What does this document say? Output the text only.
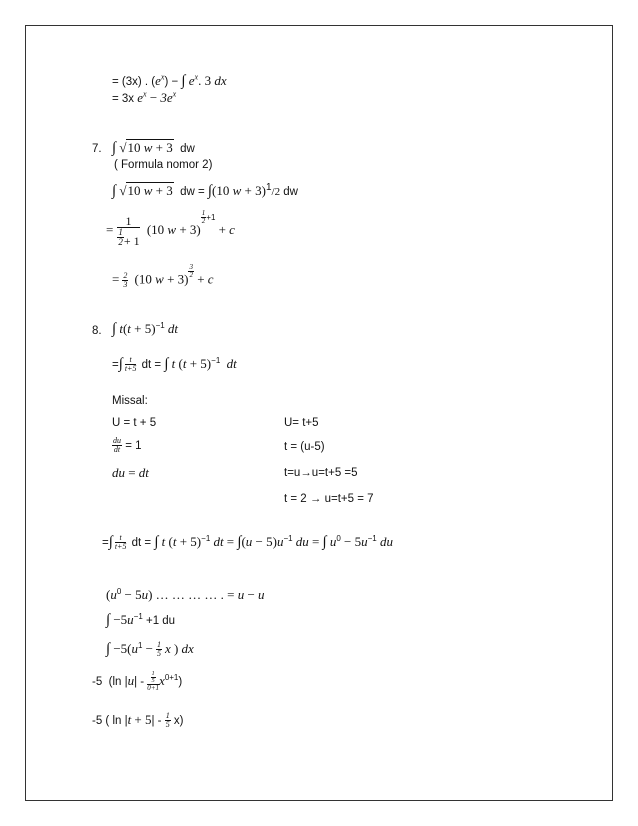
= (3x) . $(e^x)$ − ∫ $e^x$. 3 dx
= 3x $e^x - 3e^x$
7. ∫ √10 w + 3 dw
( Formula nomor 2)
∫ √10 w + 3  dw = ∫(10 w + 3)$^1$/2 dw
= $\frac{1}{\frac{1}{2} + 1} (10$ w + 3)
$^{\frac{1}{2} +1}$ + c
= $\frac{2}{3} (10$ w + 3)
$^{\frac{3}{2}}$
+ c
8. ∫ $t(t + 5)^{-1}$ dt
=∫ $\frac{t}{t+5}$ dt = ∫ t $(t + 5)^{-1}$ dt
Missal:
U = t + 5
$\frac{du}{dt} = 1$
du = dt
U= t+5
t = (u-5)
t=u→u=t+5 =5
t = 2 → u=t+5 = 7
=∫ $\frac{t}{t+5}$ dt = ∫ t $(t + 5)^{-1}$ dt = $\int(u - 5)u^{-1}$ du = ∫ $u^0 - 5u^{-1}$ du
$(u^0 - 5u)$ … … … … . = u − u
∫ $-5u^{-1} +1$ du
∫ $-5(u^1 - \frac{1}{5}$ x ) dx
-5  (ln $|u| - \frac{\frac{1}{5}}{0+1} x^{0+1}$)
-5 ( $\ln |t + 5| - \frac{1}{5} x$)
